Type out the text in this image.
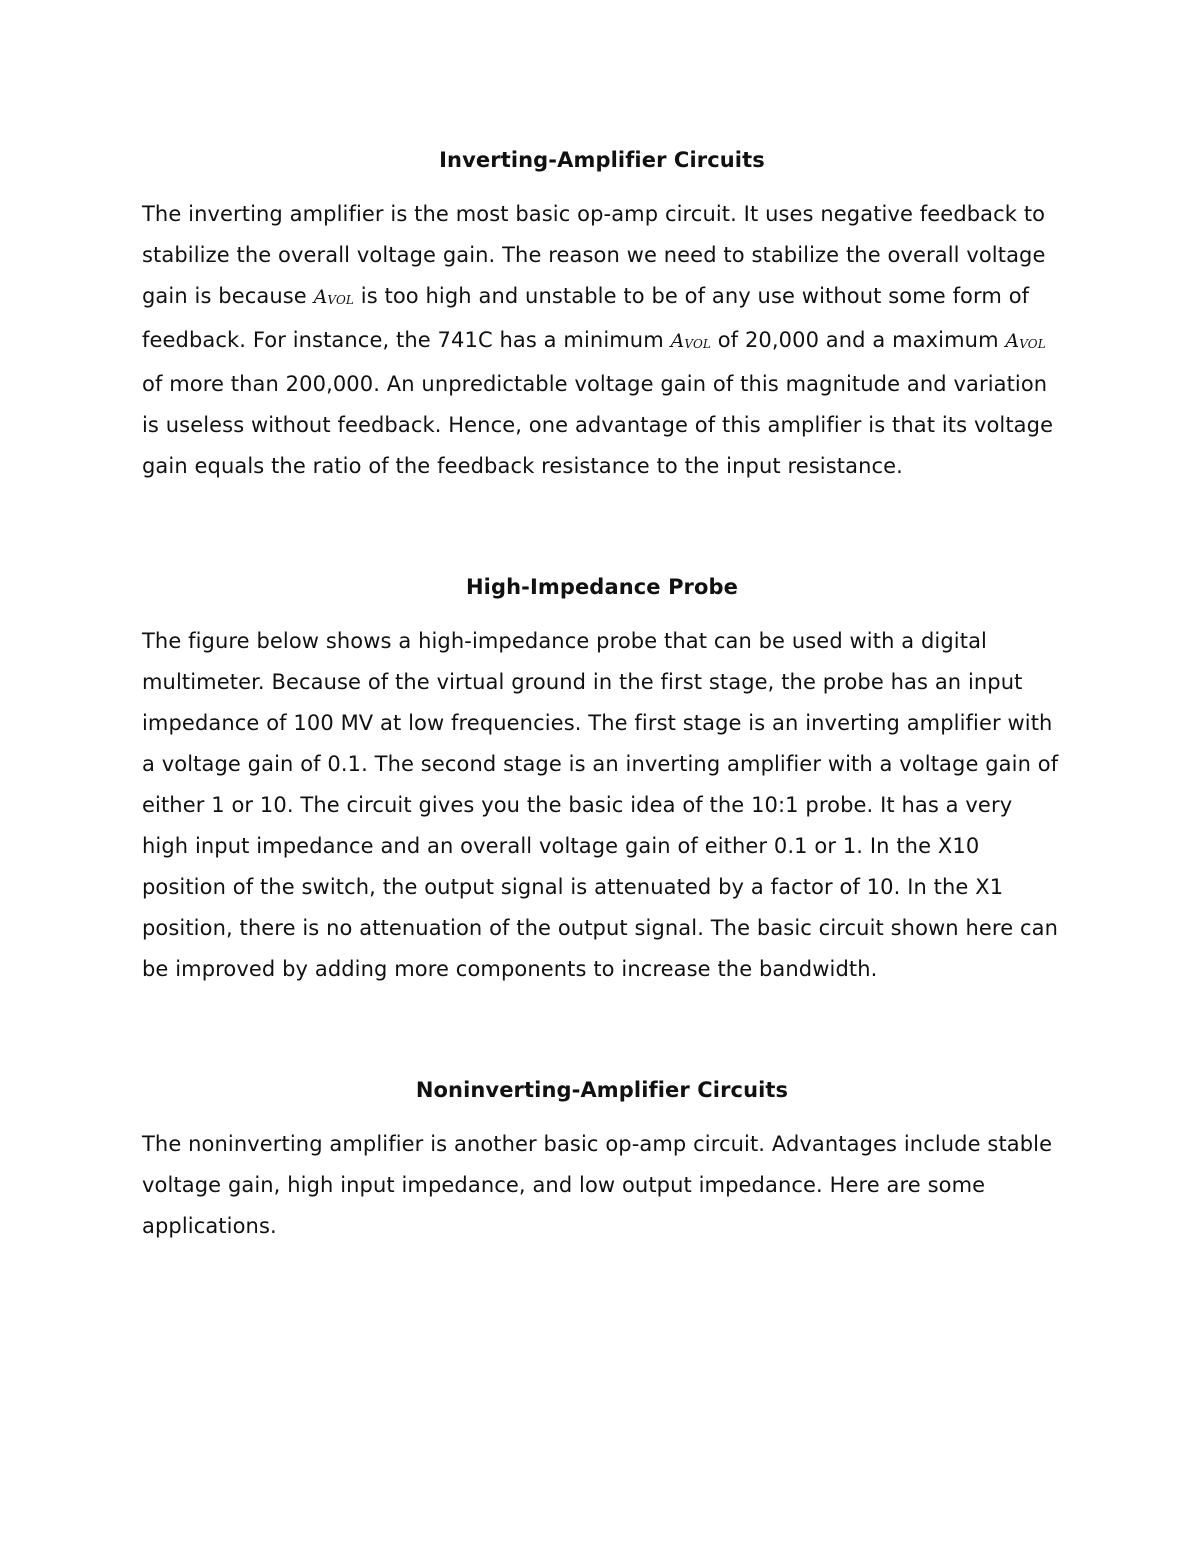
Inverting-Amplifier Circuits

The inverting amplifier is the most basic op-amp circuit. It uses negative feedback to stabilize the overall voltage gain. The reason we need to stabilize the overall voltage gain is because AVOL is too high and unstable to be of any use without some form of feedback. For instance, the 741C has a minimum AVOL of 20,000 and a maximum AVOL of more than 200,000. An unpredictable voltage gain of this magnitude and variation is useless without feedback. Hence, one advantage of this amplifier is that its voltage gain equals the ratio of the feedback resistance to the input resistance.

High-Impedance Probe

The figure below shows a high-impedance probe that can be used with a digital multimeter. Because of the virtual ground in the first stage, the probe has an input impedance of 100 MV at low frequencies. The first stage is an inverting amplifier with a voltage gain of 0.1. The second stage is an inverting amplifier with a voltage gain of either 1 or 10. The circuit gives you the basic idea of the 10:1 probe. It has a very high input impedance and an overall voltage gain of either 0.1 or 1. In the X10 position of the switch, the output signal is attenuated by a factor of 10. In the X1 position, there is no attenuation of the output signal. The basic circuit shown here can be improved by adding more components to increase the bandwidth.

Noninverting-Amplifier Circuits

The noninverting amplifier is another basic op-amp circuit. Advantages include stable voltage gain, high input impedance, and low output impedance. Here are some applications.
